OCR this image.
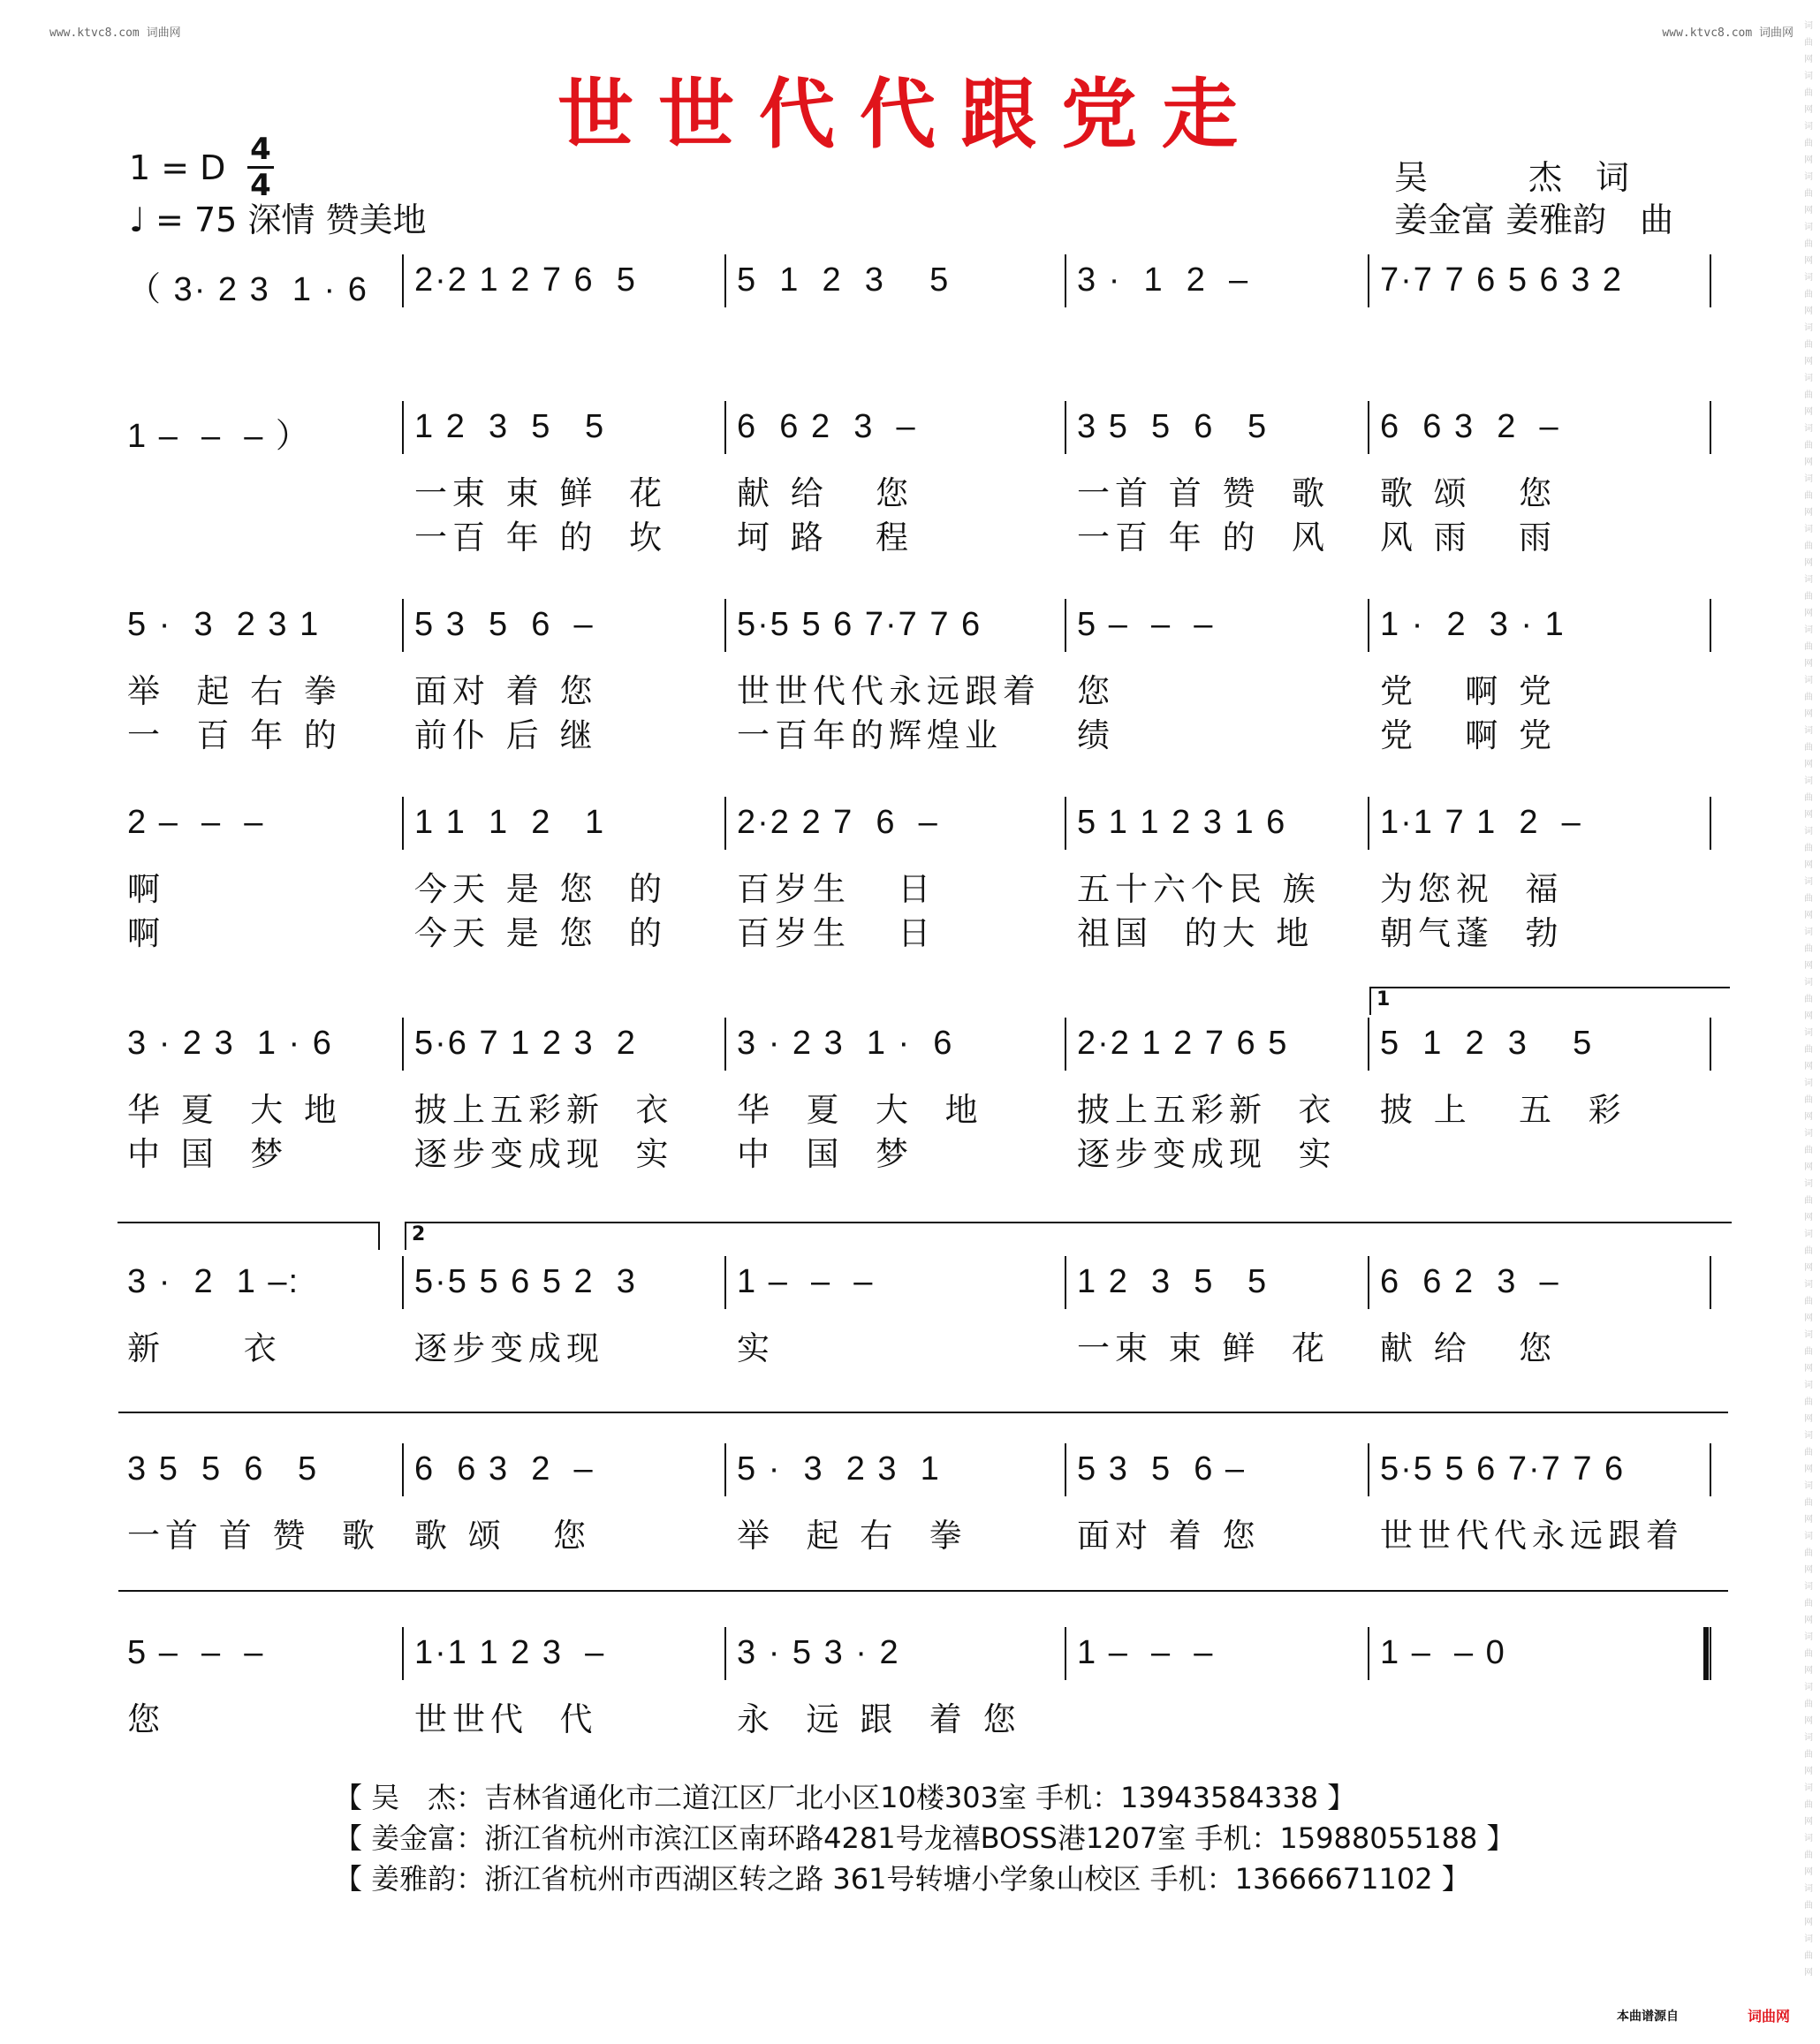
www.ktvc8.com 词曲网	www.ktvc8.com 词曲网
词曲网词曲网词曲网词曲网词曲网词曲网词曲网词曲网词曲网词曲网词曲网词曲网词曲网词曲网词曲网词曲网词曲网词曲网词曲网词曲网词曲网词曲网词曲网词曲网词曲网词曲网词曲网词曲网词曲网词曲网词曲网词曲网词曲网词曲网词曲网词曲网词曲网词曲网词曲网
世世代代跟党走
1 = D 4
4
♩ = 75 深情 赞美地
吴　　　杰　词
姜金富 姜雅韵　曲
（ 3· 2 3  1 · 6 2·2 1 2 7 6  5	5  1  2  3    5	3 ·  1  2  –	7·7 7 6 5 6 3 2
1 –  –  – ）	1 2  3  5   5	6  6 2  3  –	3 5  5  6   5	6  6 3  2  –
一束 束 鲜  花 献 给   您	一首 首 赞  歌 歌 颂   您
一百 年 的  坎 坷 路   程	一百 年 的  风 风 雨   雨
5 ·  3  2 3 1	5 3  5  6  –	5·5 5 6 7·7 7 6	5 –  –  –	1 ·  2  3 · 1
举  起 右 拳 面对 着 您	世世代代永远跟着 您	党   啊 党
一  百 年 的 前仆 后 继	一百年的辉煌业 绩	党   啊 党
2 –  –  –	1 1  1  2   1	2·2 2 7  6  –	5 1 1 2 3 1 6	1·1 7 1  2  –
啊	今天 是 您  的 百岁生   日	五十六个民 族 为您祝  福
啊	今天 是 您  的 百岁生   日	祖国  的大 地 朝气蓬  勃
3 · 2 3  1 · 6 5·6 7 1 2 3  2	3 · 2 3  1 ·  6	2·2 1 2 7 6 5	5  1  2  3    5
华 夏  大 地 披上五彩新  衣 华  夏  大  地	披上五彩新  衣 披 上   五  彩
中 国  梦	逐步变成现  实 中  国  梦	逐步变成现  实
3 ·  2  1 –:	5·5 5 6 5 2  3	1 –  –  –	1 2  3  5   5	6  6 2  3  –
新     衣	逐步变成现	实	一束 束 鲜  花 献 给   您
3 5  5  6   5	6  6 3  2  –	5 ·  3  2 3  1	5 3  5  6 –	5·5 5 6 7·7 7 6
一首 首 赞  歌 歌 颂   您	举  起 右  拳	面对 着 您	世世代代永远跟着
5 –  –  –	1·1 1 2 3  –	3 · 5 3 · 2	1 –  –  –	1 –  – 0
您	世世代  代	永  远 跟  着 您
1
2
【 吴　杰：吉林省通化市二道江区厂北小区10楼303室 手机：13943584338 】
【 姜金富：浙江省杭州市滨江区南环路4281号龙禧BOSS港1207室 手机：15988055188 】
【 姜雅韵：浙江省杭州市西湖区转之路 361号转塘小学象山校区 手机：13666671102 】
本曲谱源自	词曲网
